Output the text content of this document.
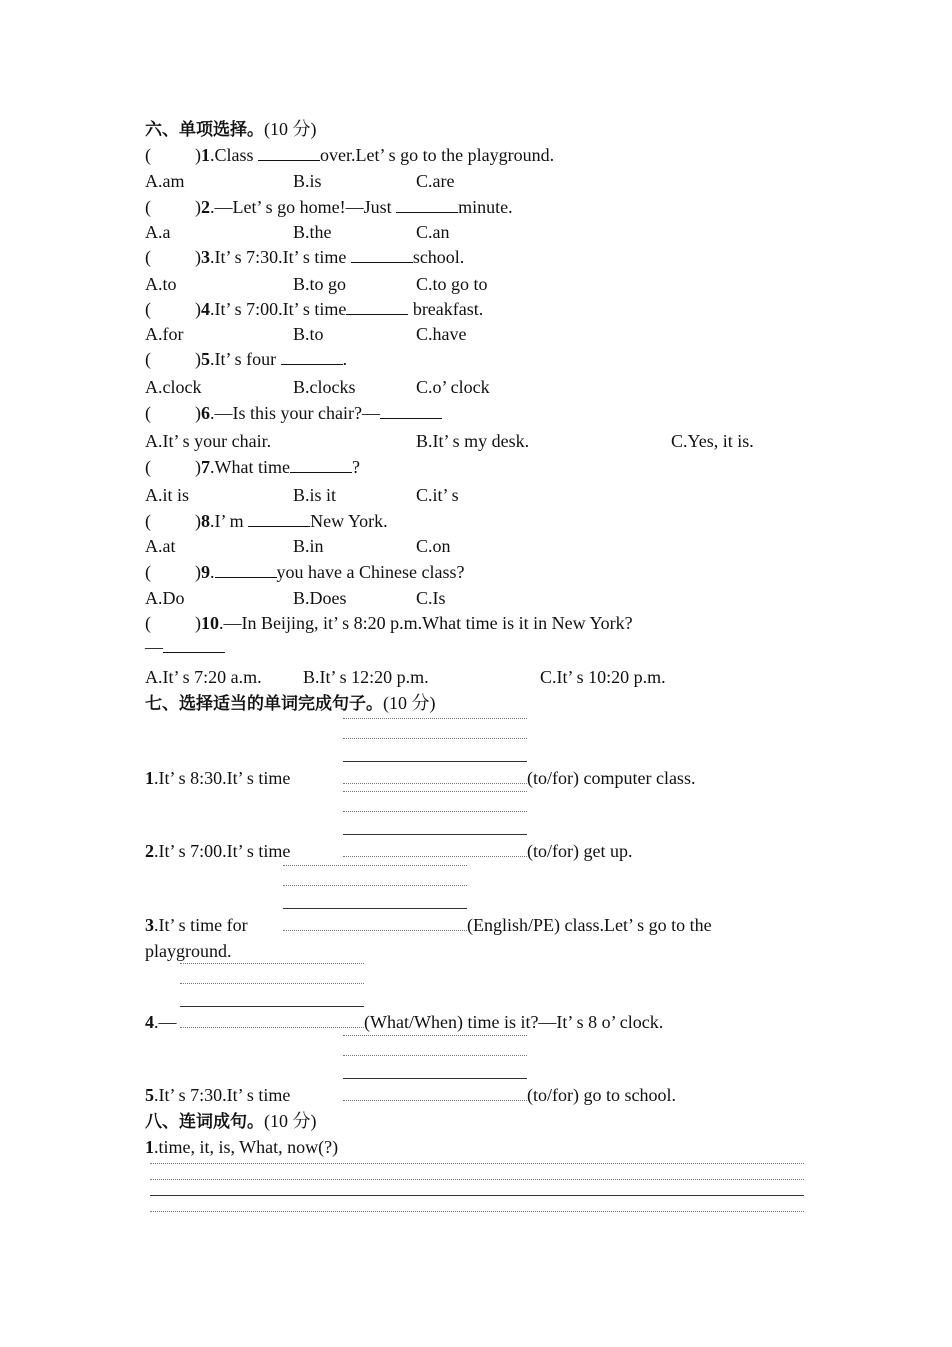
六、单项选择。(10 分)
( )1.Class	over.Let’ s go to the playground.
A.am	B.is	C.are
( )2.—Let’ s go home!—Just	minute.
A.a	B.the	C.an
( )3.It’ s 7:30.It’ s time	school.
A.to	B.to go	C.to go to
( )4.It’ s 7:00.It’ s time	breakfast.
A.for	B.to	C.have
( )5.It’ s four	.
A.clock	B.clocks	C.o’ clock
( )6.—Is this your chair?—
A.It’ s your chair.	B.It’ s my desk.	C.Yes, it is.
( )7.What time	?
A.it is	B.is it	C.it’ s
( )8.I’ m	New York.
A.at	B.in	C.on
( )9.	you have a Chinese class?
A.Do	B.Does	C.Is
( )10.—In Beijing, it’ s 8:20 p.m.What time is it in New York?
—
A.It’ s 7:20 a.m. B.It’ s 12:20 p.m.	C.It’ s 10:20 p.m.
七、选择适当的单词完成句子。(10 分)
1.It’ s 8:30.It’ s time	(to/for) computer class.
2.It’ s 7:00.It’ s time	(to/for) get up.
3.It’ s time for	(English/PE) class.Let’ s go to the
playground.
4.—	(What/When) time is it?—It’ s 8 o’ clock.
5.It’ s 7:30.It’ s time	(to/for) go to school.
八、连词成句。(10 分)
1.time, it, is, What, now(?)
